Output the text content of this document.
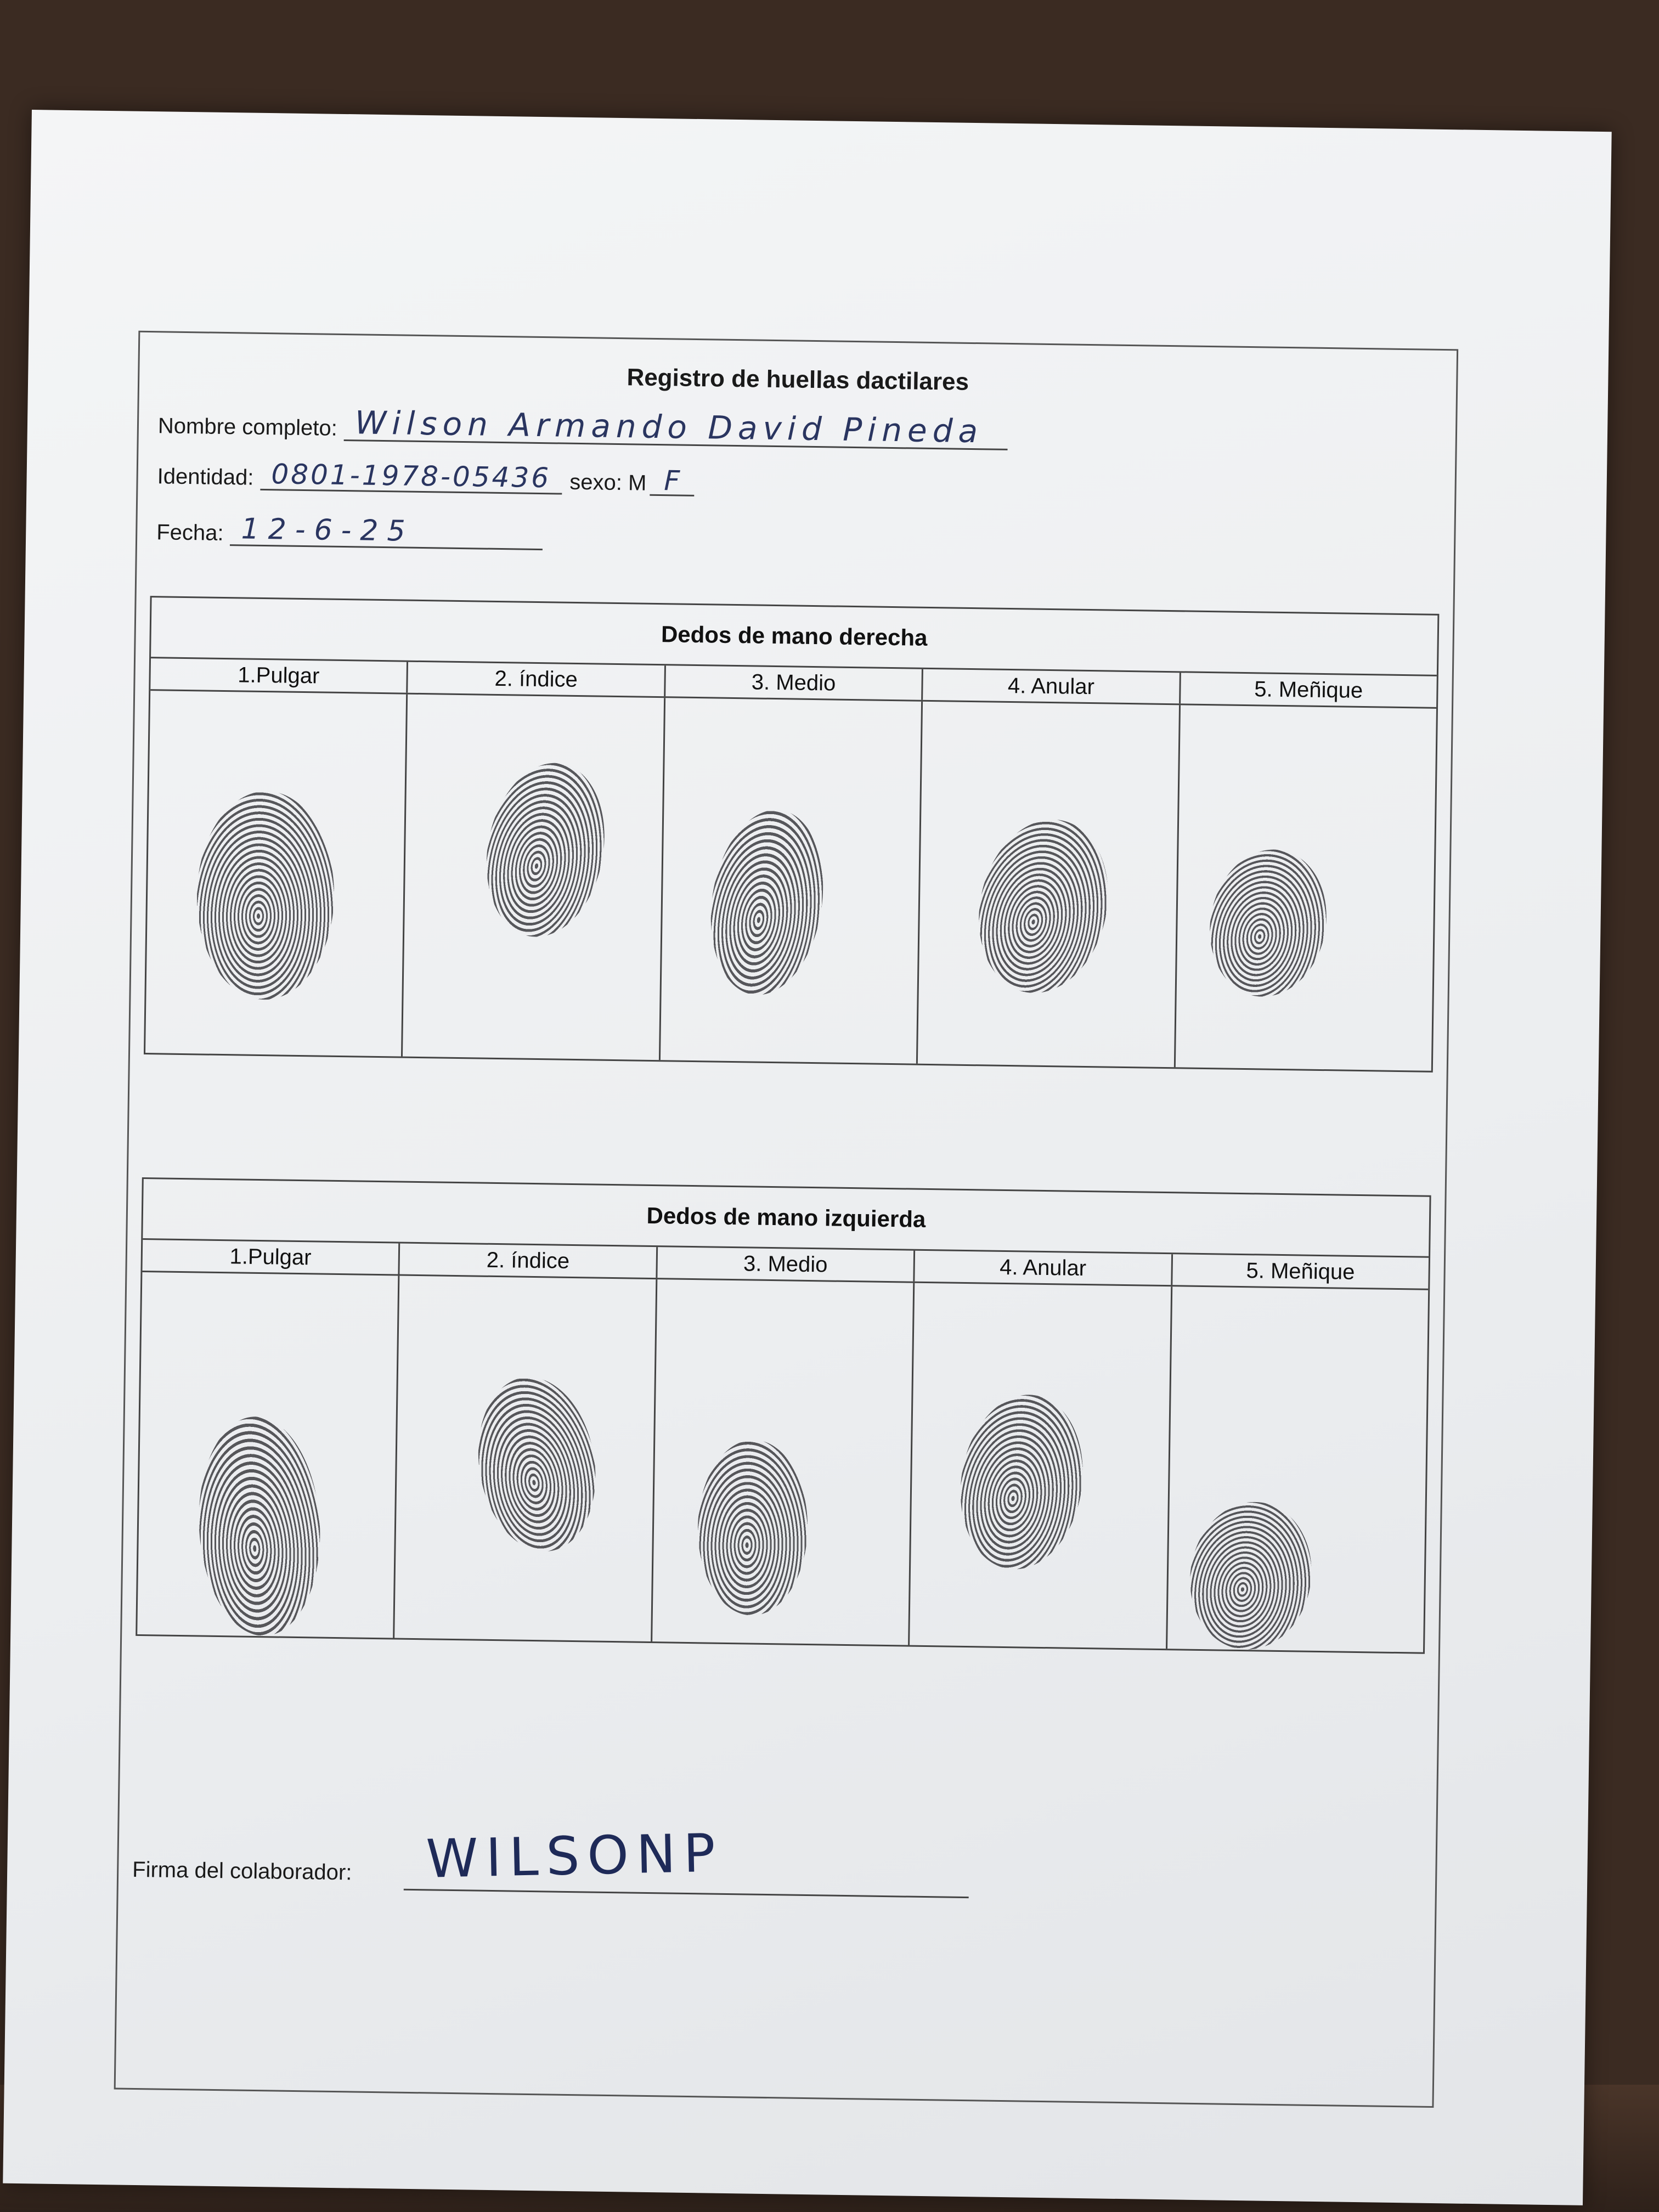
Registro de huellas dactilares
Nombre completo: Wilson Armando David Pineda
Identidad: 0801-1978-05436 sexo: M F
Fecha: 12-6-25
Dedos de mano derecha
1.Pulgar	2. índice	3. Medio	4. Anular	5. Meñique
Dedos de mano izquierda
1.Pulgar	2. índice	3. Medio	4. Anular	5. Meñique
Firma del colaborador: WILSONP
